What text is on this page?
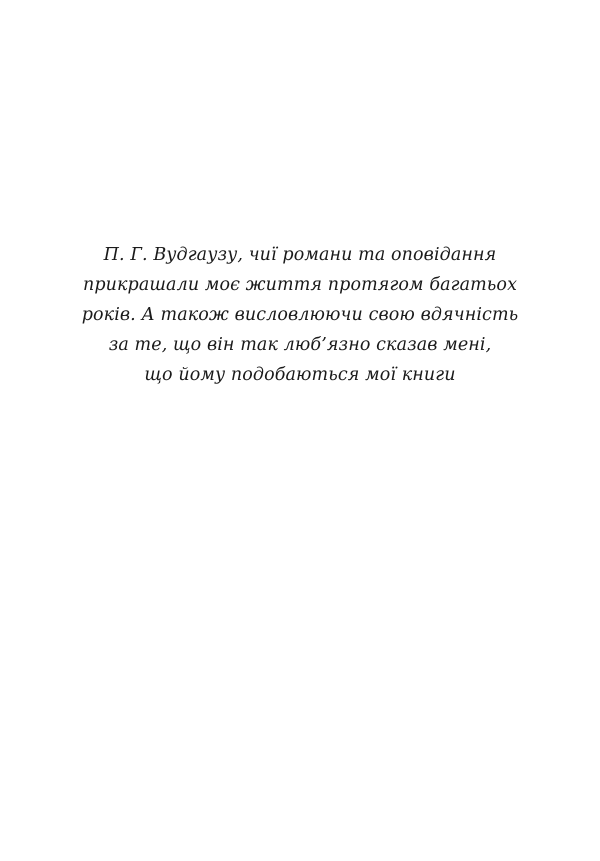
П. Г. Вудгаузу, чиї романи та оповідання
прикрашали моє життя протягом багатьох
років. А також висловлюючи свою вдячність
за те, що він так люб’язно сказав мені,
що йому подобаються мої книги
